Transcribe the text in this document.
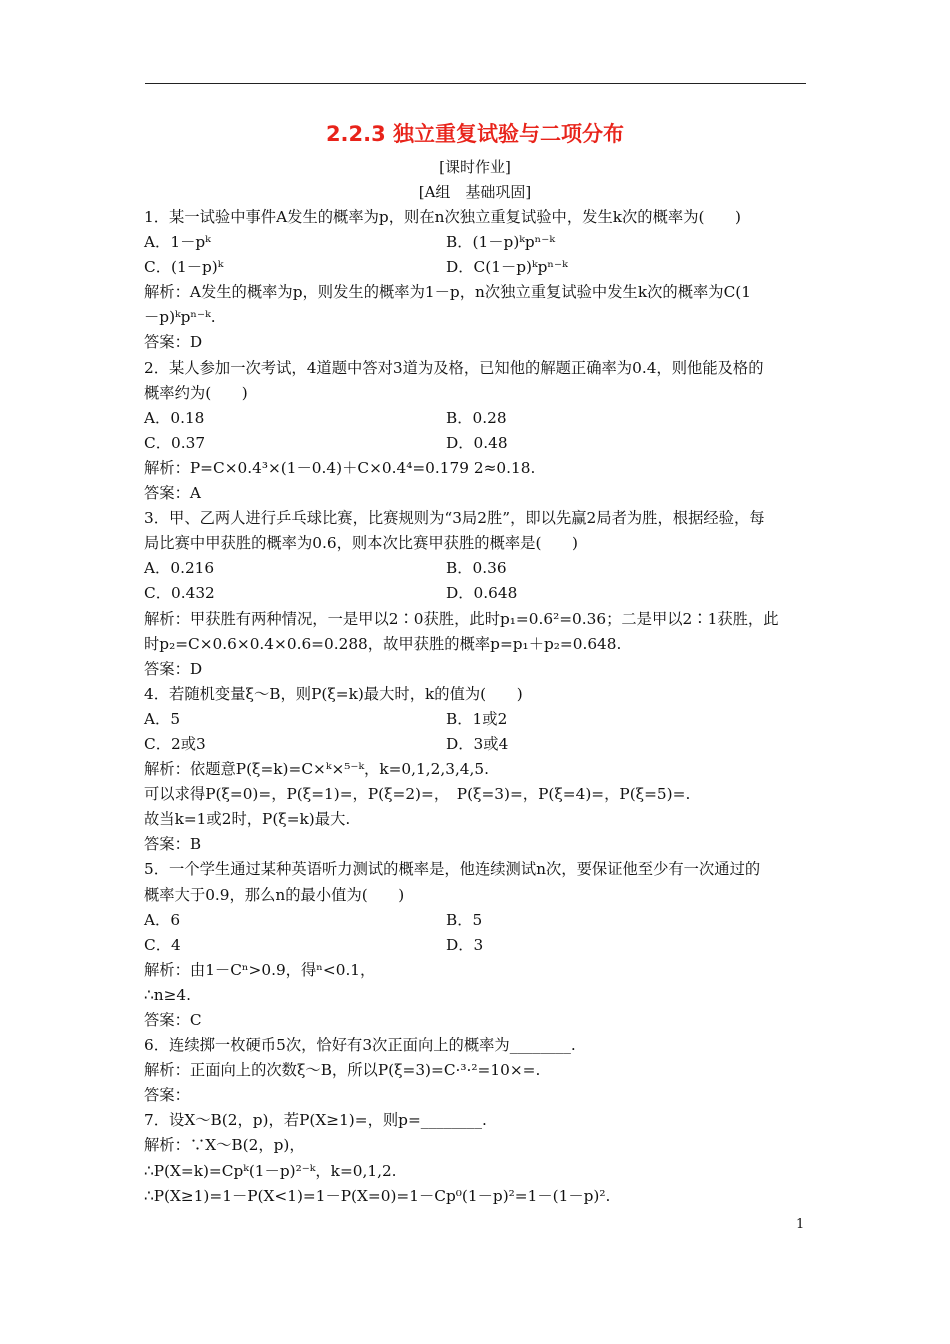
2.2.3 独立重复试验与二项分布
[课时作业]
[A组　基础巩固]
1．某一试验中事件A发生的概率为p，则在n次独立重复试验中，发生k次的概率为(　　)
A．1－pᵏ	B．(1－p)ᵏpⁿ⁻ᵏ
C．(1－p)ᵏ	D．C(1－p)ᵏpⁿ⁻ᵏ
解析：A发生的概率为p，则发生的概率为1－p，n次独立重复试验中发生k次的概率为C(1
－p)ᵏpⁿ⁻ᵏ.
答案：D
2．某人参加一次考试，4道题中答对3道为及格，已知他的解题正确率为0.4，则他能及格的
概率约为(　　)
A．0.18	B．0.28
C．0.37	D．0.48
解析：P=C×0.4³×(1－0.4)＋C×0.4⁴=0.179 2≈0.18.
答案：A
3．甲、乙两人进行乒乓球比赛，比赛规则为“3局2胜”，即以先赢2局者为胜，根据经验，每
局比赛中甲获胜的概率为0.6，则本次比赛甲获胜的概率是(　　)
A．0.216	B．0.36
C．0.432	D．0.648
解析：甲获胜有两种情况，一是甲以2∶0获胜，此时p₁=0.6²=0.36；二是甲以2∶1获胜，此
时p₂=C×0.6×0.4×0.6=0.288，故甲获胜的概率p=p₁＋p₂=0.648.
答案：D
4．若随机变量ξ～B，则P(ξ=k)最大时，k的值为(　　)
A．5	B．1或2
C．2或3	D．3或4
解析：依题意P(ξ=k)=C×ᵏ×⁵⁻ᵏ，k=0,1,2,3,4,5.
可以求得P(ξ=0)=，P(ξ=1)=，P(ξ=2)=，　P(ξ=3)=，P(ξ=4)=，P(ξ=5)=.
故当k=1或2时，P(ξ=k)最大.
答案：B
5．一个学生通过某种英语听力测试的概率是，他连续测试n次，要保证他至少有一次通过的
概率大于0.9，那么n的最小值为(　　)
A．6	B．5
C．4	D．3
解析：由1－Cⁿ>0.9，得ⁿ<0.1，
∴n≥4.
答案：C
6．连续掷一枚硬币5次，恰好有3次正面向上的概率为________.
解析：正面向上的次数ξ～B，所以P(ξ=3)=C·³·²=10×=.
答案：
7．设X～B(2，p)，若P(X≥1)=，则p=________.
解析：∵X～B(2，p)，
∴P(X=k)=Cpᵏ(1－p)²⁻ᵏ，k=0,1,2.
∴P(X≥1)=1－P(X<1)=1－P(X=0)=1－Cp⁰(1－p)²=1－(1－p)².
1
